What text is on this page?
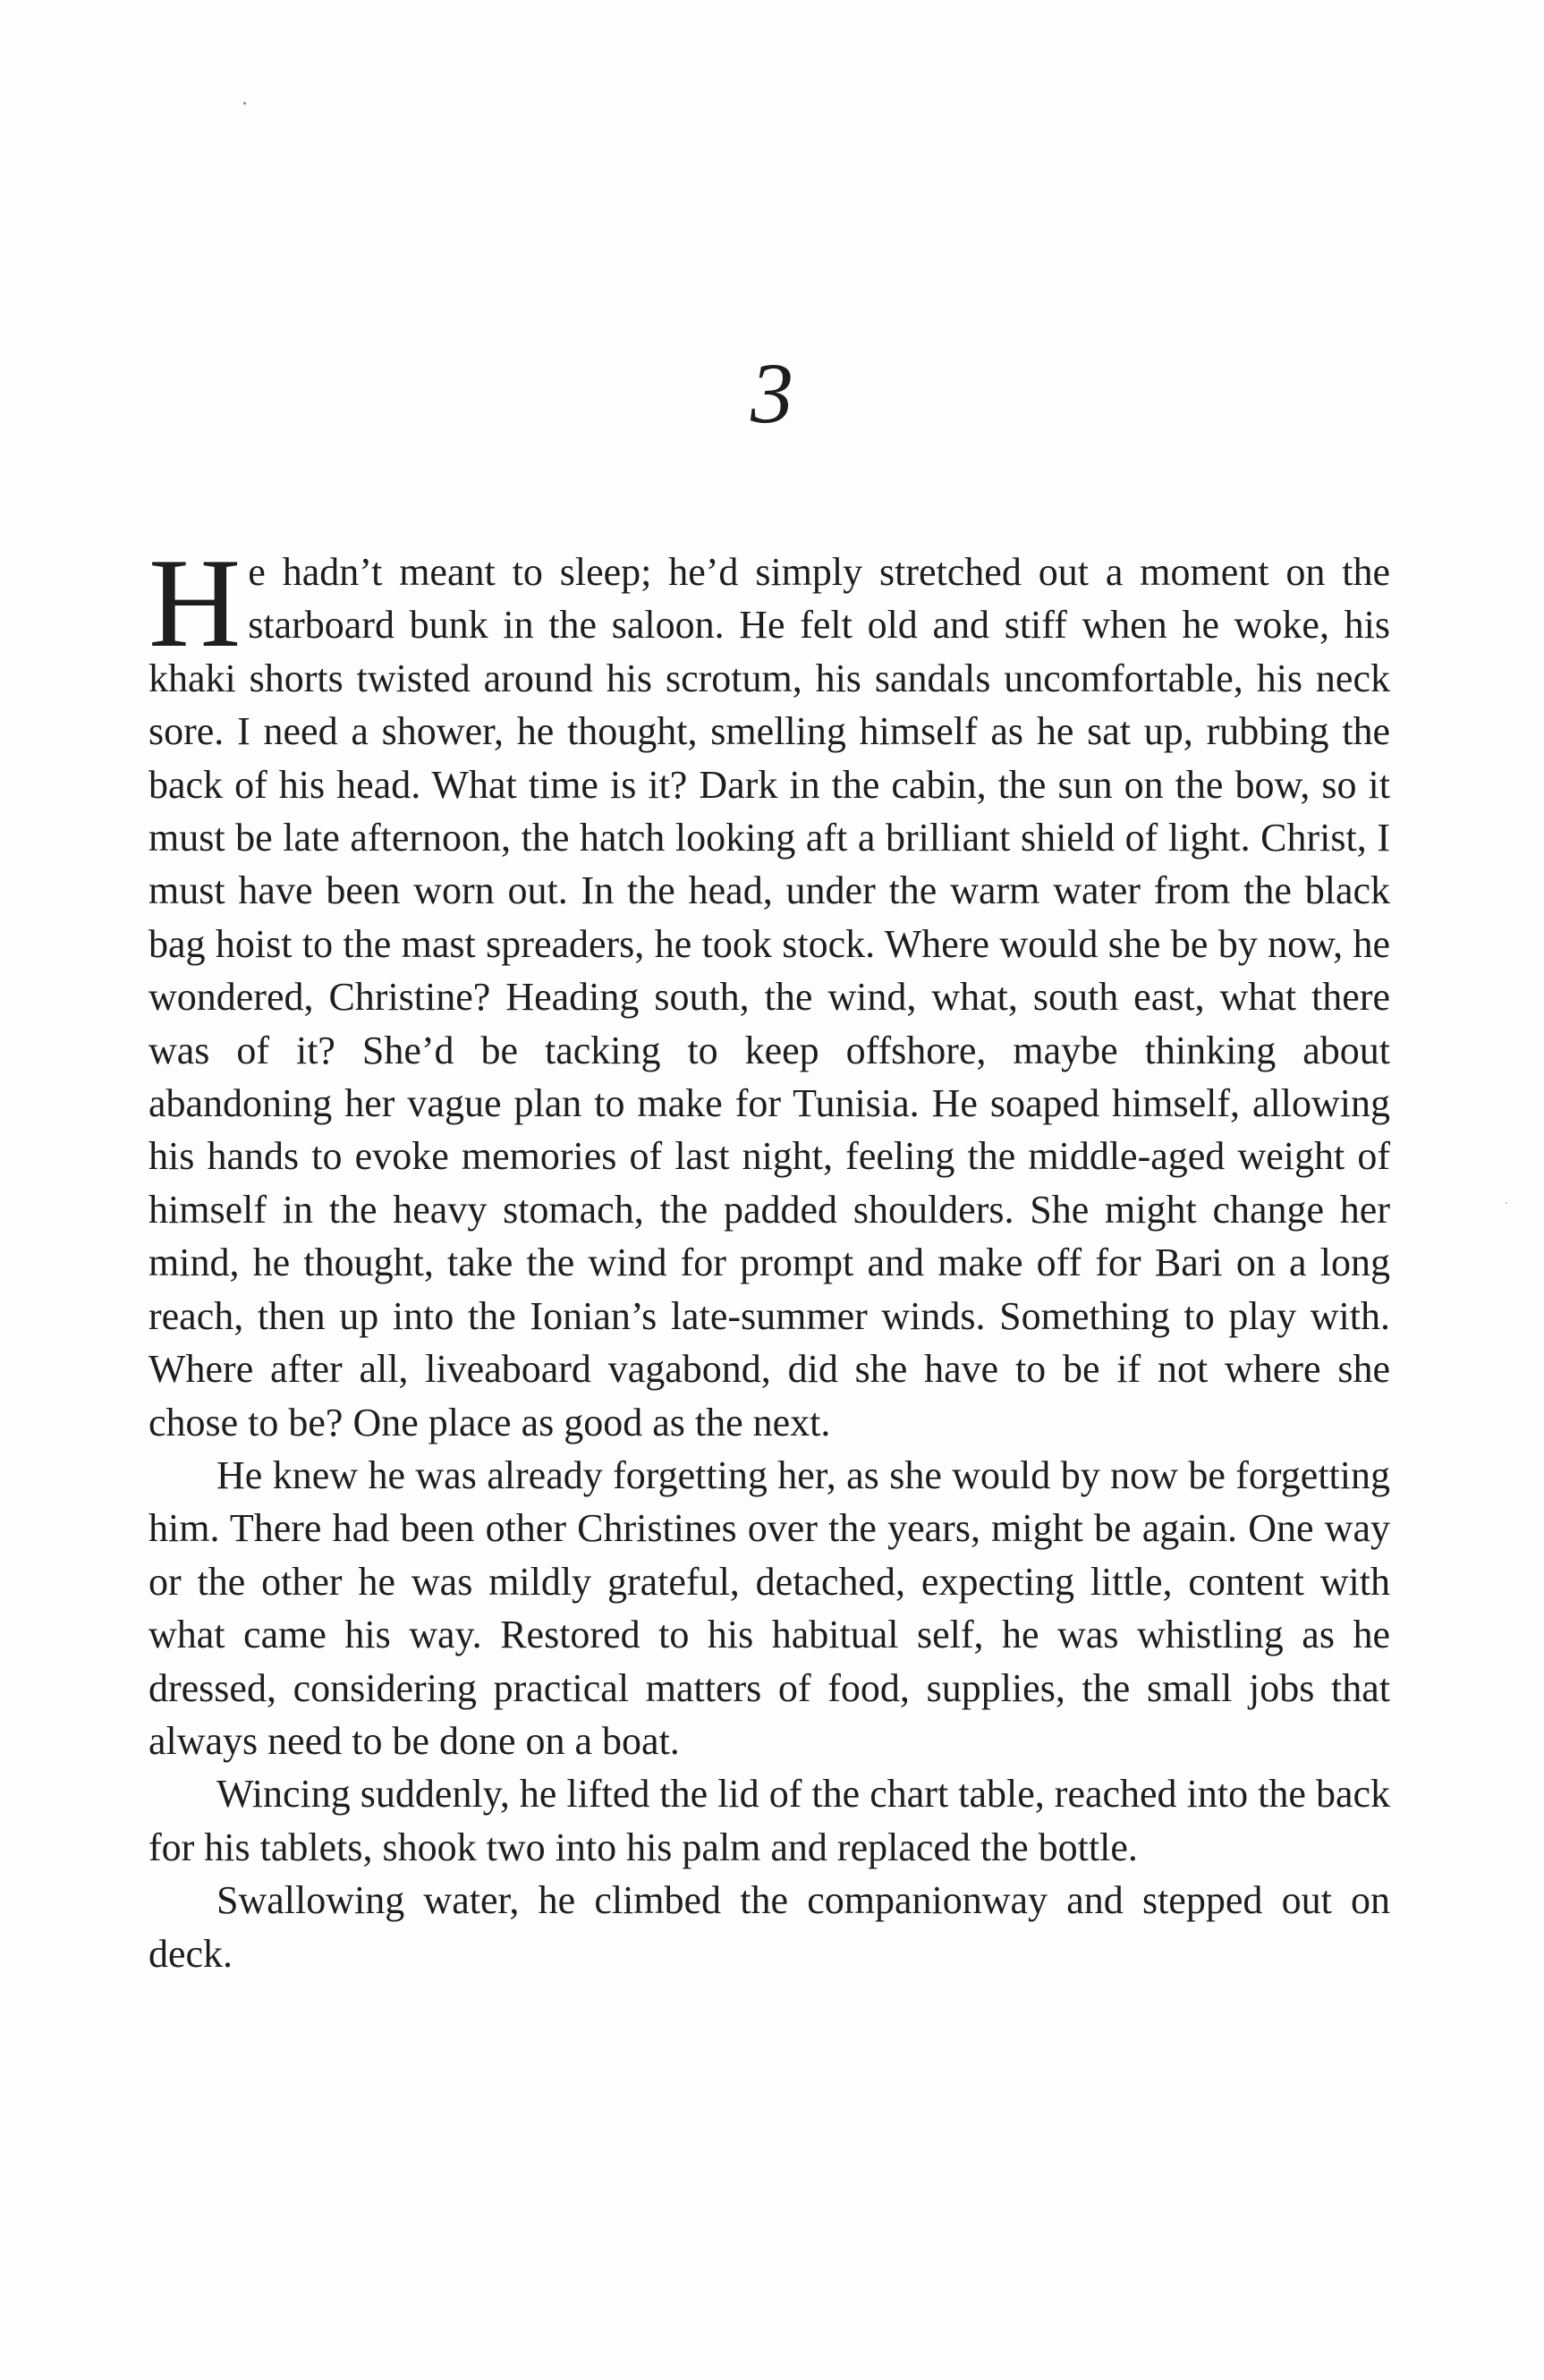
3

He hadn’t meant to sleep; he’d simply stretched out a moment on the starboard bunk in the saloon. He felt old and stiff when he woke, his khaki shorts twisted around his scrotum, his sandals uncomfortable, his neck sore. I need a shower, he thought, smelling himself as he sat up, rubbing the back of his head. What time is it? Dark in the cabin, the sun on the bow, so it must be late afternoon, the hatch looking aft a brilliant shield of light. Christ, I must have been worn out. In the head, under the warm water from the black bag hoist to the mast spreaders, he took stock. Where would she be by now, he wondered, Christine? Heading south, the wind, what, south east, what there was of it? She’d be tacking to keep offshore, maybe thinking about abandoning her vague plan to make for Tunisia. He soaped himself, allowing his hands to evoke memories of last night, feeling the middle-aged weight of himself in the heavy stomach, the padded shoulders. She might change her mind, he thought, take the wind for prompt and make off for Bari on a long reach, then up into the Ionian’s late-summer winds. Something to play with. Where after all, liveaboard vagabond, did she have to be if not where she chose to be? One place as good as the next.

He knew he was already forgetting her, as she would by now be forgetting him. There had been other Christines over the years, might be again. One way or the other he was mildly grateful, detached, expecting little, content with what came his way. Restored to his habitual self, he was whistling as he dressed, considering practical matters of food, supplies, the small jobs that always need to be done on a boat.

Wincing suddenly, he lifted the lid of the chart table, reached into the back for his tablets, shook two into his palm and replaced the bottle.

Swallowing water, he climbed the companionway and stepped out on deck.
